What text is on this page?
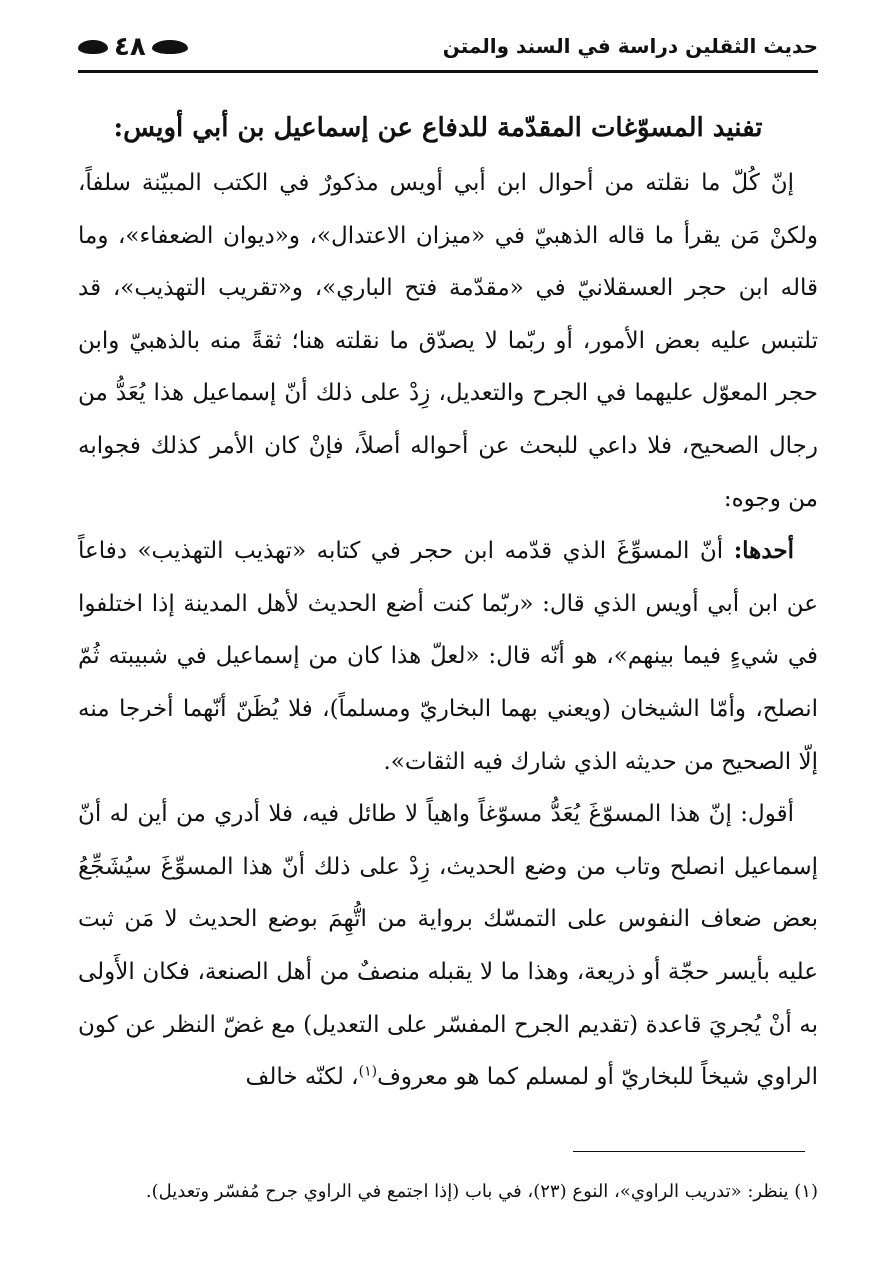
حديث الثقلين دراسة في السند والمتن
٤٨
تفنيد المسوّغات المقدّمة للدفاع عن إسماعيل بن أبي أويس:

إنّ كُلّ ما نقلته من أحوال ابن أبي أويس مذكورٌ في الكتب المبيّنة سلفاً، ولكنْ مَن يقرأ ما قاله الذهبيّ في «ميزان الاعتدال»، و«ديوان الضعفاء»، وما قاله ابن حجر العسقلانيّ في «مقدّمة فتح الباري»، و«تقريب التهذيب»، قد تلتبس عليه بعض الأمور، أو ربّما لا يصدّق ما نقلته هنا؛ ثقةً منه بالذهبيّ وابن حجر المعوّل عليهما في الجرح والتعديل، زِدْ على ذلك أنّ إسماعيل هذا يُعَدُّ من رجال الصحيح، فلا داعي للبحث عن أحواله أصلاً، فإنْ كان الأمر كذلك فجوابه من وجوه:

أحدها: أنّ المسوِّغَ الذي قدّمه ابن حجر في كتابه «تهذيب التهذيب» دفاعاً عن ابن أبي أويس الذي قال: «ربّما كنت أضع الحديث لأهل المدينة إذا اختلفوا في شيءٍ فيما بينهم»، هو أنّه قال: «لعلّ هذا كان من إسماعيل في شبيبته ثُمّ انصلح، وأمّا الشيخان (ويعني بهما البخاريّ ومسلماً)، فلا يُظَنّ أنّهما أخرجا منه إلّا الصحيح من حديثه الذي شارك فيه الثقات».

أقول: إنّ هذا المسوّغَ يُعَدُّ مسوّغاً واهياً لا طائل فيه، فلا أدري من أين له أنّ إسماعيل انصلح وتاب من وضع الحديث، زِدْ على ذلك أنّ هذا المسوِّغَ سيُشَجِّعُ بعض ضعاف النفوس على التمسّك برواية من اتُّهِمَ بوضع الحديث لا مَن ثبت عليه بأيسر حجّة أو ذريعة، وهذا ما لا يقبله منصفٌ من أهل الصنعة، فكان الأَولى به أنْ يُجريَ قاعدة (تقديم الجرح المفسّر على التعديل) مع غضّ النظر عن كون الراوي شيخاً للبخاريّ أو لمسلم كما هو معروف$^{(١)}$، لكنّه خالف

(١) ينظر: «تدريب الراوي»، النوع (٢٣)، في باب (إذا اجتمع في الراوي جرح مُفسّر وتعديل).
